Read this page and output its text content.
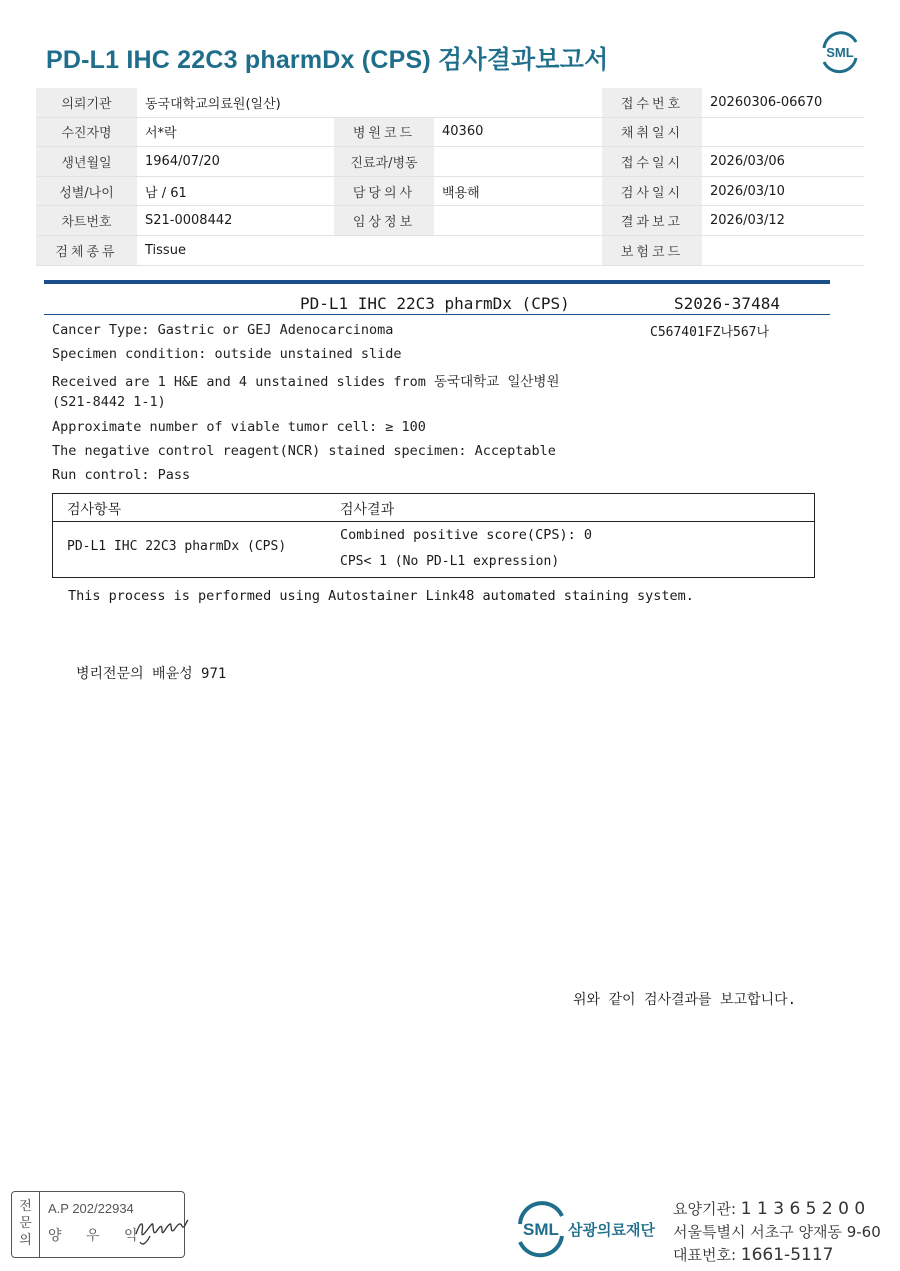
PD-L1 IHC 22C3 pharmDx (CPS) 검사결과보고서	SML
의뢰기관	동국대학교의료원(일산)			접수번호	20260306-06670
수진자명	서*락	병원코드	40360	채취일시	
생년월일	1964/07/20	진료과/병동		접수일시	2026/03/06
성별/나이	남 / 61	담당의사	백용해	검사일시	2026/03/10
차트번호	S21-0008442	임상정보		결과보고	2026/03/12
검체종류	Tissue			보험코드	
PD-L1 IHC 22C3 pharmDx (CPS)	S2026-37484
C567401FZ나567나
Cancer Type: Gastric or GEJ Adenocarcinoma
Specimen condition: outside unstained slide
Received are 1 H&E and 4 unstained slides from 동국대학교 일산병원
(S21-8442 1-1)
Approximate number of viable tumor cell: ≥ 100
The negative control reagent(NCR) stained specimen: Acceptable
Run control: Pass
검사항목	검사결과
PD-L1 IHC 22C3 pharmDx (CPS)
Combined positive score(CPS): 0
CPS< 1 (No PD-L1 expression)
This process is performed using Autostainer Link48 automated staining system.
병리전문의 배윤성 971
위와 같이 검사결과를 보고합니다.
전문의
A.P 202/22934
양 우 익	SML 삼광의료재단
요양기관: 1 1 3 6 5 2 0 0
서울특별시 서초구 양재동 9-60
대표번호: 1661-5117
